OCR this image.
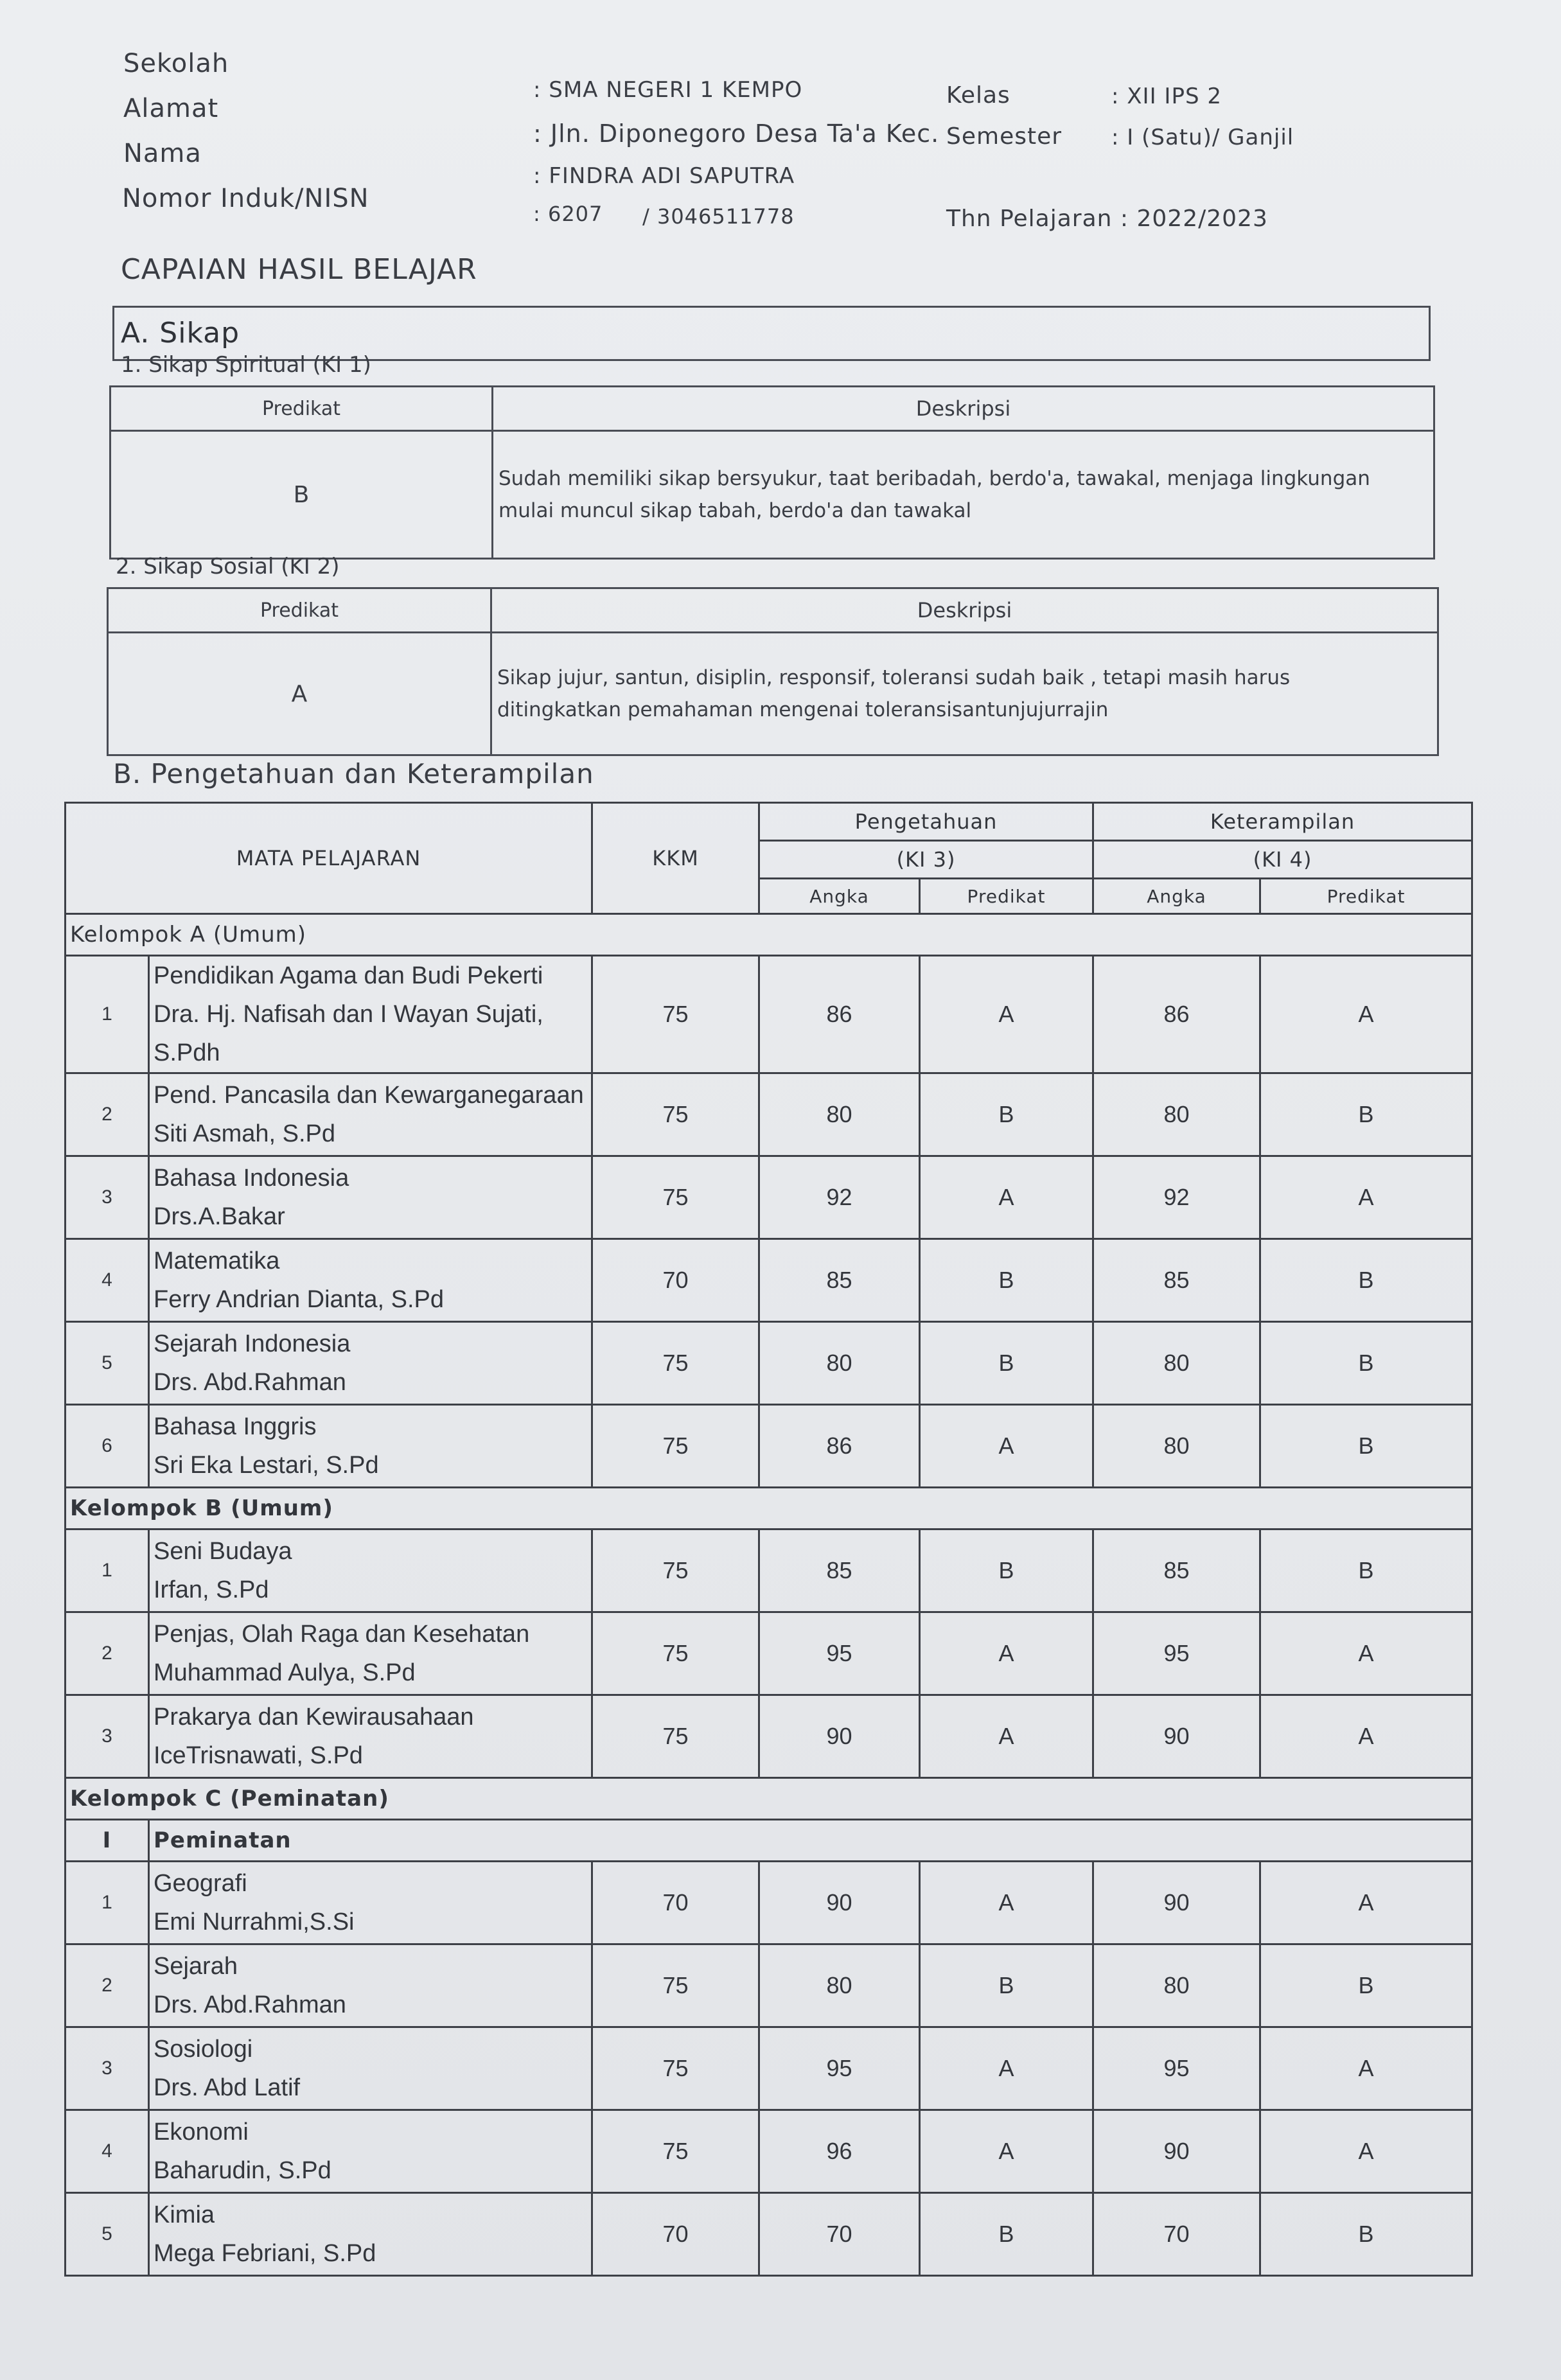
Sekolah
Alamat
Nama
Nomor Induk/NISN
: SMA NEGERI 1 KEMPO
: Jln. Diponegoro Desa Ta'a Kec.
: FINDRA ADI SAPUTRA
: 6207 / 3046511778
Kelas	: XII IPS 2
Semester : I (Satu)/ Ganjil
Thn Pelajaran : 2022/2023
CAPAIAN HASIL BELAJAR
A. Sikap
1. Sikap Spiritual (KI 1)
Predikat	Deskripsi
B	Sudah memiliki sikap bersyukur, taat beribadah, berdo'a, tawakal, menjaga lingkungan
mulai muncul sikap tabah, berdo'a dan tawakal
2. Sikap Sosial (KI 2)
Predikat	Deskripsi
A	Sikap jujur, santun, disiplin, responsif, toleransi sudah baik , tetapi masih harus
ditingkatkan pemahaman mengenai toleransisantunjujurrajin
B. Pengetahuan dan Keterampilan
MATA PELAJARAN		KKM	Pengetahuan		Keterampilan	
			(KI 3)		(KI 4)	
			Angka	Predikat	Angka	Predikat
Kelompok A (Umum)						
1	Pendidikan Agama dan Budi Pekerti
Dra. Hj. Nafisah dan I Wayan Sujati, S.Pdh	75	86	A	86	A
2	Pend. Pancasila dan Kewarganegaraan
Siti Asmah, S.Pd	75	80	B	80	B
3	Bahasa Indonesia
Drs.A.Bakar	75	92	A	92	A
4	Matematika
Ferry Andrian Dianta, S.Pd	70	85	B	85	B
5	Sejarah Indonesia
Drs. Abd.Rahman	75	80	B	80	B
6	Bahasa Inggris
Sri Eka Lestari, S.Pd	75	86	A	80	B
Kelompok B (Umum)						
1	Seni Budaya
Irfan, S.Pd	75	85	B	85	B
2	Penjas, Olah Raga dan Kesehatan
Muhammad Aulya, S.Pd	75	95	A	95	A
3	Prakarya dan Kewirausahaan
IceTrisnawati, S.Pd	75	90	A	90	A
Kelompok C (Peminatan)						
I	Peminatan					
1	Geografi
Emi Nurrahmi,S.Si	70	90	A	90	A
2	Sejarah
Drs. Abd.Rahman	75	80	B	80	B
3	Sosiologi
Drs. Abd Latif	75	95	A	95	A
4	Ekonomi
Baharudin, S.Pd	75	96	A	90	A
5	Kimia
Mega Febriani, S.Pd	70	70	B	70	B
